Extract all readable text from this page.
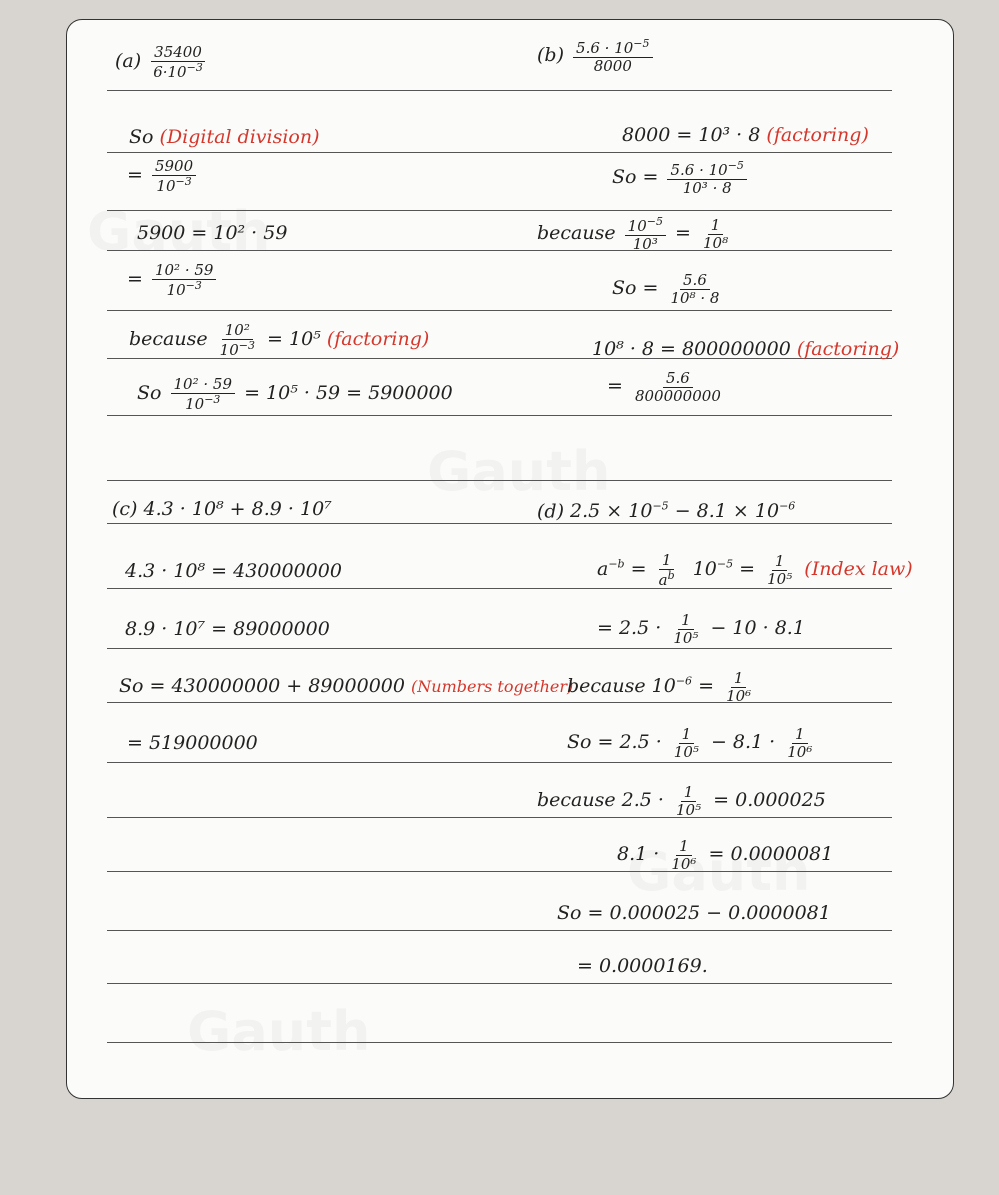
$(a) \frac{35400}{6\cdot 10^{-3}}$
So (Digital division)
= $\frac{5900}{10^{-3}}$
5900 = 10² · 59
= $\frac{\text{10² · 59}}{10^{-3}}$
because $\frac{\text{10²}}{10^{-3}} = 10^5$ (factoring)
So $\frac{\text{10² · 59}}{10^{-3}} = 10^5 \cdot 59 = 5900000$
$(b) \frac{5.6 \cdot 10^{-5}}{8000}$
8000 = 10³ · 8 (factoring)
$So = \frac{5.6 \cdot 10^{-5}}{\text{10³ · 8}}$
because $\frac{10^{-5}}{\text{10³}} = \frac{1}{\text{10⁸}}$
$So = \frac{5.6}{\text{10⁸ · 8}}$
10⁸ · 8 = 800000000 (factoring)
= $\frac{5.6}{800000000}$
(c) 4.3 · 10⁸ + 8.9 · 10⁷
4.3 · 10⁸ = 430000000
8.9 · 10⁷ = 89000000
So = 430000000 + 89000000 (Numbers together)
= 519000000
(d) $2.5 \times 10^{-5} - 8.1 \times 10^{-6}$
$a^{-b} = \frac{1}{a^b} 10^{-5} = \frac{1}{\text{10⁵}}$ (Index law)
= $2.5 \cdot \frac{1}{\text{10⁵}} - 10 \cdot 8.1$
because $10^{-6} = \frac{1}{\text{10⁶}}$
$So = 2.5 \cdot \frac{1}{\text{10⁵}} - 8.1 \cdot \frac{1}{\text{10⁶}}$
because $2.5 \cdot \frac{1}{\text{10⁵}} = 0.000025$
$8.1 \cdot \frac{1}{\text{10⁶}} = 0.0000081$
So = 0.000025 − 0.0000081
= 0.0000169.
